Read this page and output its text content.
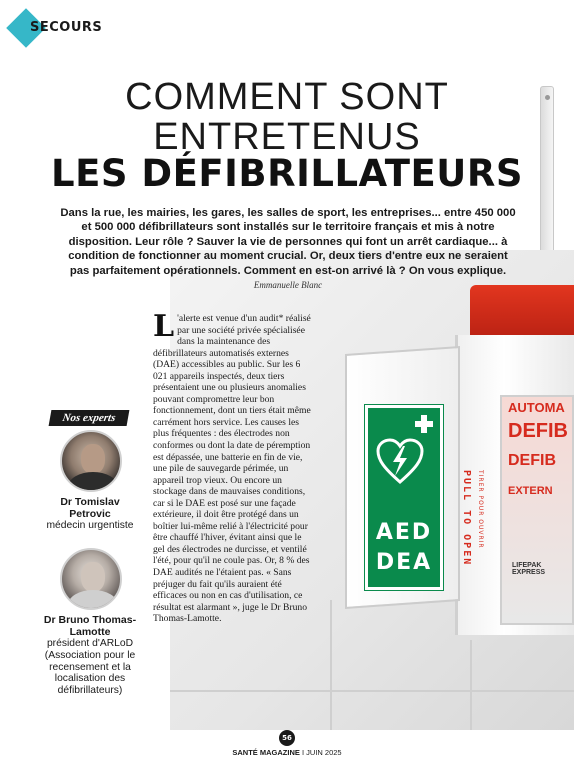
AUTOMA
DEFIB
DEFIB
EXTERN
LIFEPAK EXPRESS
AED
DEA	PULL TO OPEN TIRER POUR OUVRIR
SECOURS
COMMENT SONT
ENTRETENUS
LES DÉFIBRILLATEURS

Dans la rue, les mairies, les gares, les salles de sport, les entreprises... entre 450 000 et 500 000 défibrillateurs sont installés sur le territoire français et mis à notre disposition. Leur rôle ? Sauver la vie de personnes qui font un arrêt cardiaque... à condition de fonctionner au moment crucial. Or, deux tiers d'entre eux ne seraient pas parfaitement opérationnels. Comment en est-on arrivé là ? On vous explique. Emmanuelle Blanc

Nos experts
Dr Tomislav Petrovic
médecin urgentiste
Dr Bruno Thomas-Lamotte
président d'ARLoD (Association pour le recensement et la localisation des défibrillateurs)
L 'alerte est venue d'un audit* réalisé par une société privée spécialisée dans la maintenance des défibrillateurs automatisés externes (DAE) accessibles au public. Sur les 6 021 appareils inspectés, deux tiers présentaient une ou plusieurs anomalies pouvant compromettre leur bon fonctionnement, dont un tiers était même carrément hors service. Les causes les plus fréquentes : des électrodes non conformes ou dont la date de péremption est dépassée, une batterie en fin de vie, une pile de sauvegarde périmée, un appareil trop vieux. Ou encore un stockage dans de mauvaises conditions, car si le DAE est posé sur une façade extérieure, il doit être protégé dans un boîtier lui-même relié à l'électricité pour être chauffé l'hiver, évitant ainsi que le gel des électrodes ne durcisse, et ventilé l'été, pour qu'il ne coule pas. Or, 8 % des DAE audités ne l'étaient pas. « Sans préjuger du fait qu'ils auraient été efficaces ou non en cas d'utilisation, ce résultat est alarmant », juge le Dr Bruno Thomas-Lamotte.
56
SANTÉ MAGAZINE I JUIN 2025
